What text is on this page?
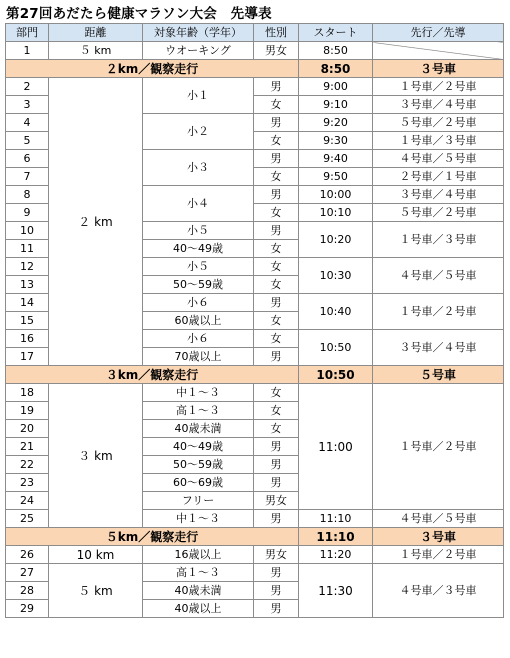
第27回あだたら健康マラソン大会　先導表
部門	距離	対象年齢（学年）	性別	スタート	先行／先導
1	５ km	ウオーキング	男女	8:50	
２km／観察走行				8:50	３号車
2	２ km	小１	男	9:00	１号車／２号車
3			女	9:10	３号車／４号車
4		小２	男	9:20	５号車／２号車
5			女	9:30	１号車／３号車
6		小３	男	9:40	４号車／５号車
7			女	9:50	２号車／１号車
8		小４	男	10:00	３号車／４号車
9			女	10:10	５号車／２号車
10		小５	男	10:20	１号車／３号車
11		40～49歳	女		
12		小５	女	10:30	４号車／５号車
13		50～59歳	女		
14		小６	男	10:40	１号車／２号車
15		60歳以上	女		
16		小６	女	10:50	３号車／４号車
17		70歳以上	男		
３km／観察走行				10:50	５号車
18	３ km	中１～３	女	11:00	１号車／２号車
19		高１～３	女		
20		40歳未満	女		
21		40～49歳	男		
22		50～59歳	男		
23		60～69歳	男		
24		フリー	男女		
25		中１～３	男	11:10	４号車／５号車
５km／観察走行				11:10	３号車
26	10 km	16歳以上	男女	11:20	１号車／２号車
27	５ km	高１～３	男	11:30	４号車／３号車
28		40歳未満	男		
29		40歳以上	男		
